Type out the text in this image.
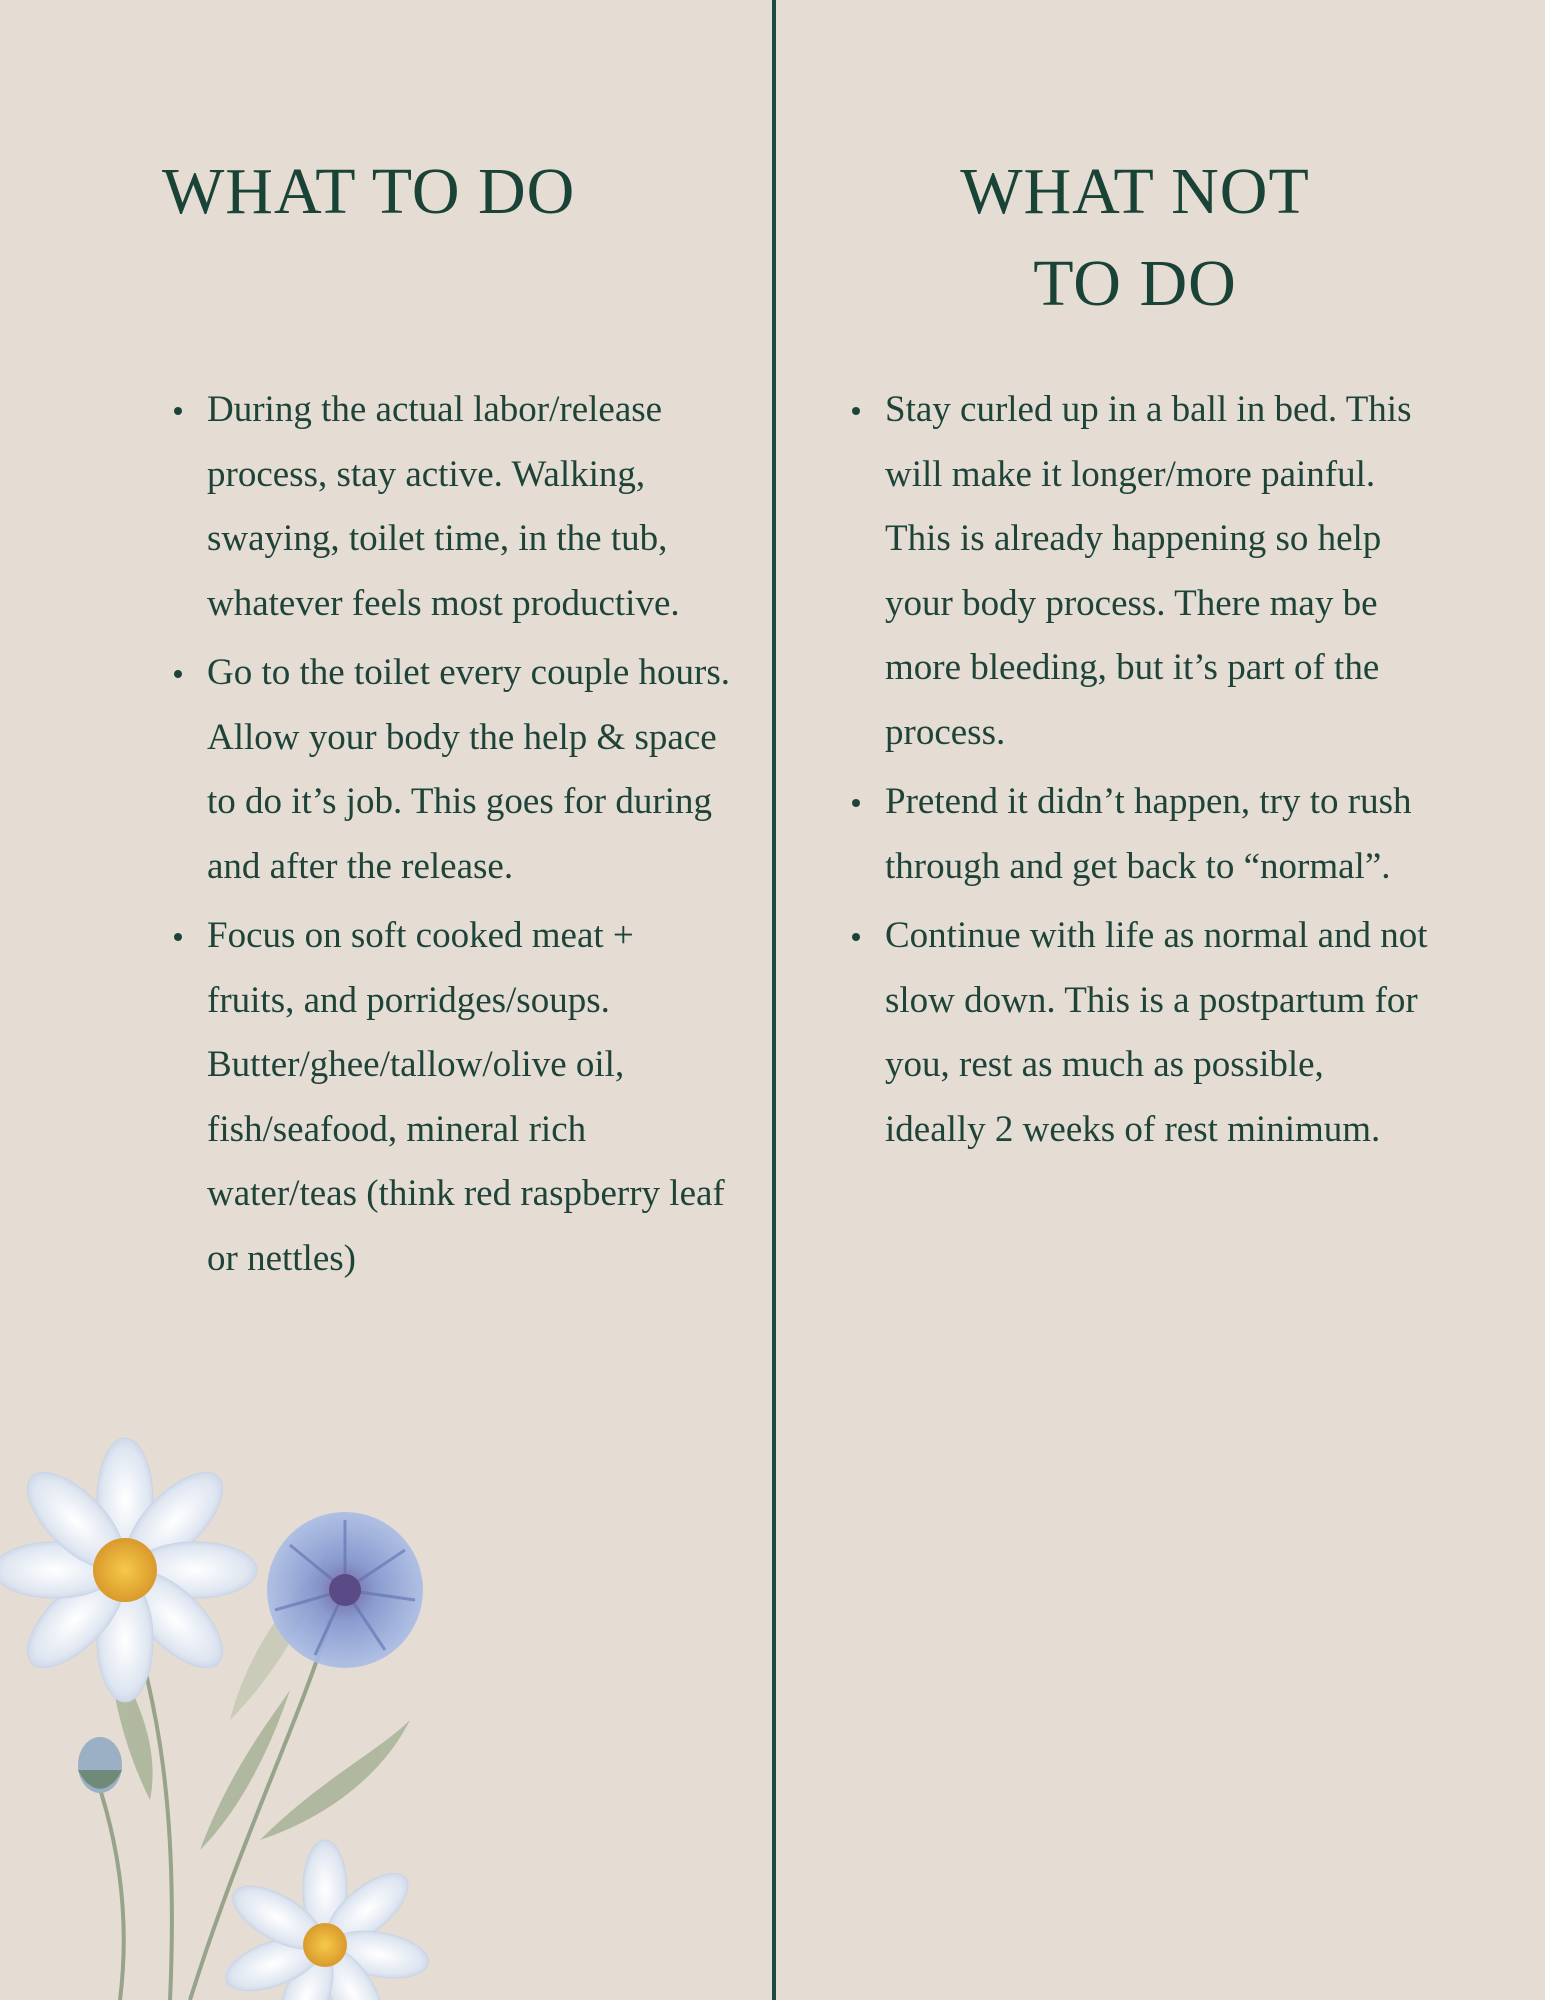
WHAT TO DO
During the actual labor/release process, stay active. Walking, swaying, toilet time, in the tub, whatever feels most productive.
Go to the toilet every couple hours. Allow your body the help & space to do it’s job. This goes for during and after the release.
Focus on soft cooked meat + fruits, and porridges/soups. Butter/ghee/tallow/olive oil, fish/seafood, mineral rich water/teas (think red raspberry leaf or nettles)
WHAT NOT
TO DO
Stay curled up in a ball in bed. This will make it longer/more painful. This is already happening so help your body process. There may be more bleeding, but it’s part of the process.
Pretend it didn’t happen, try to rush through and get back to “normal”.
Continue with life as normal and not slow down. This is a postpartum for you, rest as much as possible, ideally 2 weeks of rest minimum.
